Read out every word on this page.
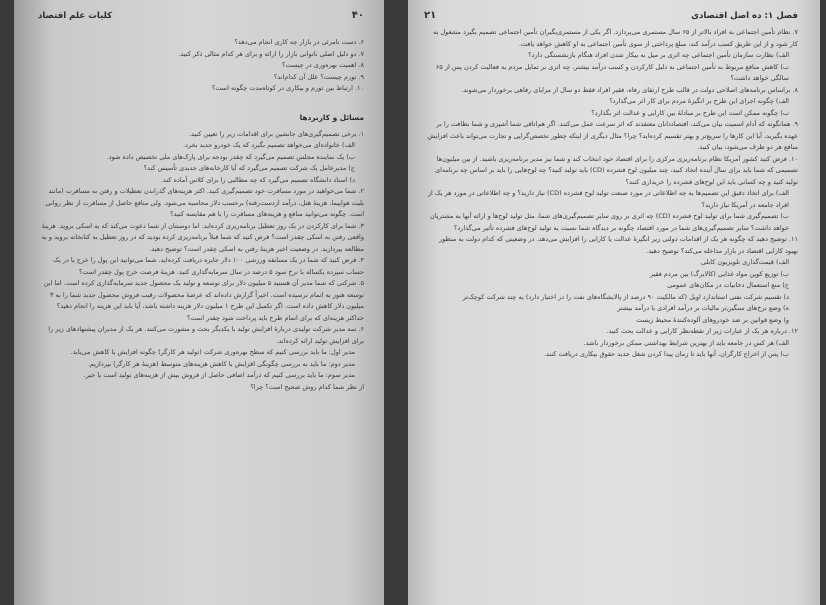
۴۰
کلیات علم اقتصاد

۶. دست نامرئی در بازار چه کاری انجام می‌دهد؟

۷. دو دلیل اصلی ناتوانی بازار را ارائه و برای هر کدام مثالی ذکر کنید.

۸. اهمیت بهره‌وری در چیست؟

۹. تورم چیست؟ علل آن کدام‌اند؟

۱۰. ارتباط بین تورم و بیکاری در کوتاه‌مدت چگونه است؟

مسائل و کاربردها

۱. برخی تصمیم‌گیری‌های جانشین برای اقدامات زیر را تعیین کنید.

الف) خانواده‌ای می‌خواهد تصمیم بگیرد که یک خودرو جدید بخرد.

ب) یک نماینده مجلس تصمیم می‌گیرد که چقدر بودجه برای پارک‌های ملی تخصیص داده شود.

ج) مدیرعامل یک شرکت تصمیم می‌گیرد که آیا کارخانه‌های جدیدی تأسیس کند؟

د) استاد دانشگاه تصمیم می‌گیرد که چه مطالبی را برای کلاس آماده کند.

۲. شما می‌خواهید در مورد مسافرت خود تصمیم‌گیری کنید. اکثر هزینه‌های گذراندن تعطیلات و رفتن به مسافرت (مانند بلیت هواپیما، هزینهٔ هتل، درآمد ازدست‌رفته) برحسب دلار محاسبه می‌شود. ولی منافع حاصل از مسافرت از نظر روانی است. چگونه می‌توانید منافع و هزینه‌های مسافرت را با هم مقایسه کنید؟

۳. شما برای کارکردن در یک روز تعطیل برنامه‌ریزی کرده‌اید. اما دوستتان از شما دعوت می‌کند که به اسکی بروید. هزینهٔ واقعی رفتن به اسکی چقدر است؟ فرض کنید که شما قبلاً برنامه‌ریزی کرده بودید که در روز تعطیل به کتابخانه بروید و به مطالعه بپردازید. در وضعیت اخیر هزینهٔ رفتن به اسکی چقدر است؟ توضیح دهید.

۴. فرض کنید که شما در یک مسابقه ورزشی ۱۰۰ دلار جایزه دریافت کرده‌اید. شما می‌توانید این پول را خرج یا در یک حساب سپرده یکساله با نرخ سود ۵ درصد در سال سرمایه‌گذاری کنید. هزینهٔ فرصت خرج پول چقدر است؟

۵. شرکتی که شما مدیر آن هستید ۵ میلیون دلار برای توسعه و تولید یک محصول جدید سرمایه‌گذاری کرده است. اما این توسعه هنوز به اتمام نرسیده است. اخیراً گزارش داده‌اند که عرضهٔ محصولات رقیب فروش محصول جدید شما را به ۳ میلیون دلار کاهش داده است. اگر تکمیل این طرح ۱ میلیون دلار هزینه داشته باشد، آیا باید این هزینه را انجام دهید؟ حداکثر هزینه‌ای که برای اتمام طرح باید پرداخت شود چقدر است؟

۶. سه مدیر شرکت تولیدی دربارهٔ افزایش تولید با یکدیگر بحث و مشورت می‌کنند. هر یک از مدیران پیشنهادهای زیر را برای افزایش تولید ارائه کرده‌اند.

مدیر اول: ما باید بررسی کنیم که سطح بهره‌وری شرکت (تولید هر کارگر) چگونه افزایش یا کاهش می‌یابد.

مدیر دوم: ما باید به بررسی چگونگی افزایش یا کاهش هزینه‌های متوسط (هزینهٔ هر کارگر) بپردازیم.

مدیر سوم: ما باید بررسی کنیم که درآمد اضافی حاصل از فروش بیش از هزینه‌های تولید است یا خیر.

از نظر شما کدام روش صحیح است؟ چرا؟

فصل ۱: ده اصل اقتصادی
۲۱

۷. نظام تأمین اجتماعی به افراد بالاتر از ۶۵ سال مستمری می‌پردازد. اگر یکی از مستمری‌بگیران تأمین اجتماعی تصمیم بگیرد مشغول به کار شود و از این طریق کسب درآمد کند، مبلغ پرداختی از سوی تأمین اجتماعی به او کاهش خواهد یافت.

الف) نظارت سازمان تأمین اجتماعی چه اثری بر میل به بیکار شدن افراد هنگام بازنشستگی دارد؟

ب) کاهش منافع مربوط به تأمین اجتماعی به دلیل کارکردن و کسب درآمد بیشتر، چه اثری بر تمایل مردم به فعالیت کردن پس از ۶۵ سالگی خواهد داشت؟

۸. براساس برنامه‌های اصلاحی دولت در قالب طرح ارتقای رفاه، فقیر افراد فقط دو سال از مزایای رفاهی برخوردار می‌شوند.

الف) چگونه اجرای این طرح بر انگیزهٔ مردم برای کار اثر می‌گذارد؟

ب) چگونه ممکن است این طرح بر مبادلهٔ بین کارایی و عدالت اثر بگذارد؟

۹. همانگونه که آدام اسمیت بیان می‌کند، اقتصاددانان معتقدند که اثر سرعت عمل می‌کنند. اگر هم‌اتاقی شما آشپزی و شما نظافت را بر عهده بگیرید، آیا این کارها را سریع‌تر و بهتر تقسیم کرده‌اید؟ چرا؟ مثال دیگری از اینکه چطور تخصص‌گرایی و تجارت می‌تواند باعث افزایش منافع هر دو طرف می‌شود، بیان کنید.

۱۰. فرض کنید کشور آمریکا نظام برنامه‌ریزی مرکزی را برای اقتصاد خود انتخاب کند و شما نیز مدیر برنامه‌ریزی باشید. از بین میلیون‌ها تصمیمی که شما باید برای سال آینده اتخاذ کنید، چند میلیون لوح فشرده (CD) باید تولید کنید؟ چه لوح‌هایی را باید بر اساس چه برنامه‌ای تولید کنید و چه کسانی باید این لوح‌های فشرده را خریداری کنند؟

الف) برای اتخاذ دقیق این تصمیم‌ها به چه اطلاعاتی در مورد صنعت تولید لوح فشرده (CD) نیاز دارید؟ و چه اطلاعاتی در مورد هر یک از افراد جامعه در آمریکا نیاز دارید؟

ب) تصمیم‌گیری شما برای تولید لوح فشرده (CD) چه اثری بر روی سایر تصمیم‌گیری‌های شما، مثل تولید لوح‌ها و ارائه آنها به مشتریان خواهد داشت؟ سایر تصمیم‌گیری‌های شما در مورد اقتصاد چگونه بر دیدگاه شما نسبت به تولید لوح‌های فشرده تأثیر می‌گذارد؟

۱۱. توضیح دهید که چگونه هر یک از اقدامات دولتی زیر انگیزهٔ عدالت یا کارایی را افزایش می‌دهد. در وضعیتی که کدام دولت به منظور بهبود کارایی اقتصاد در بازار مداخله می‌کند؟ توضیح دهید.

الف) قیمت‌گذاری تلویزیون کابلی

ب) توزیع کوپن مواد غذایی (کالابرگ) بین مردم فقیر

ج) منع استعمال دخانیات در مکان‌های عمومی

د) تقسیم شرکت نفتی استاندارد اویل (که مالکیت ۹۰ درصد از پالایشگاه‌های نفت را در اختیار دارد) به چند شرکت کوچک‌تر

ه) وضع نرخ‌های سنگین‌تر مالیات بر درآمد افرادی با درآمد بیشتر

و) وضع قوانین بر ضد خودروهای آلوده‌کنندهٔ محیط زیست

۱۲. درباره هر یک از عبارات زیر از نقطه‌نظر کارایی و عدالت بحث کنید.

الف) هر کس در جامعه باید از بهترین شرایط بهداشتی ممکن برخوردار باشد.

ب) پس از اخراج کارگران، آنها باید تا زمان پیدا کردن شغل جدید حقوق بیکاری دریافت کنند.
